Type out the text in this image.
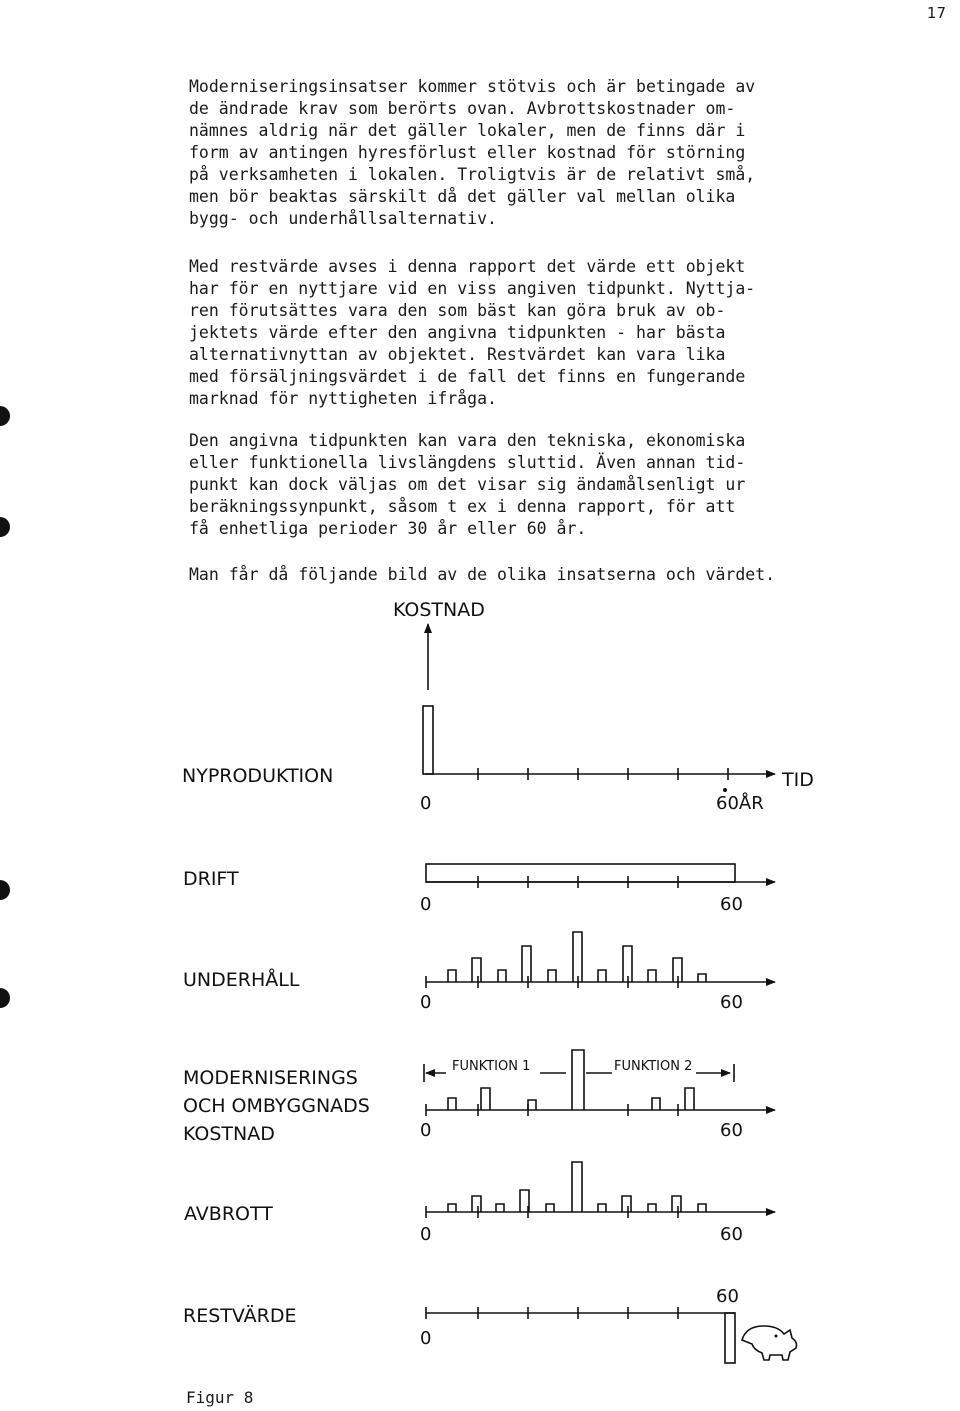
17

Moderniseringsinsatser kommer stötvis och är betingade av
de ändrade krav som berörts ovan. Avbrottskostnader om-
nämnes aldrig när det gäller lokaler, men de finns där i
form av antingen hyresförlust eller kostnad för störning
på verksamheten i lokalen. Troligtvis är de relativt små,
men bör beaktas särskilt då det gäller val mellan olika
bygg- och underhållsalternativ.

Med restvärde avses i denna rapport det värde ett objekt
har för en nyttjare vid en viss angiven tidpunkt. Nyttja-
ren förutsättes vara den som bäst kan göra bruk av ob-
jektets värde efter den angivna tidpunkten - har bästa
alternativnyttan av objektet. Restvärdet kan vara lika
med försäljningsvärdet i de fall det finns en fungerande
marknad för nyttigheten ifråga.

Den angivna tidpunkten kan vara den tekniska, ekonomiska
eller funktionella livslängdens sluttid. Även annan tid-
punkt kan dock väljas om det visar sig ändamålsenligt ur
beräkningssynpunkt, såsom t ex i denna rapport, för att
få enhetliga perioder 30 år eller 60 år.

Man får då följande bild av de olika insatserna och värdet.

KOSTNAD
NYPRODUKTION	TID
0	60ÅR
DRIFT
0	60
UNDERHÅLL
0	60
FUNKTION 1	FUNKTION 2
MODERNISERINGS
OCH OMBYGGNADS
KOSTNAD	0	60
AVBROTT
0	60
RESTVÄRDE
60
0
Figur 8
